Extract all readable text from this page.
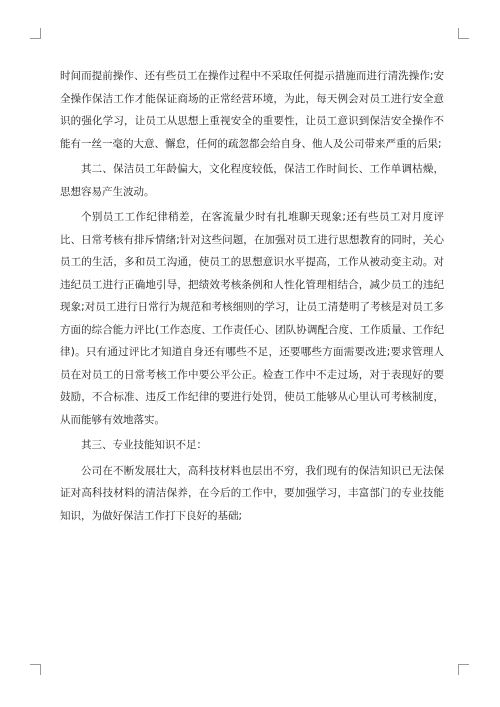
时间而提前操作、还有些员工在操作过程中不采取任何提示措施而进行清洗操作;安全操作保洁工作才能保证商场的正常经营环境，为此，每天例会对员工进行安全意识的强化学习，让员工从思想上重视安全的重要性，让员工意识到保洁安全操作不能有一丝一毫的大意、懈怠，任何的疏忽都会给自身、他人及公司带来严重的后果;

其二、保洁员工年龄偏大，文化程度较低，保洁工作时间长、工作单调枯燥，思想容易产生波动。

个别员工工作纪律稍差，在客流量少时有扎堆聊天现象;还有些员工对月度评比、日常考核有排斥情绪;针对这些问题，在加强对员工进行思想教育的同时，关心员工的生活，多和员工沟通，使员工的思想意识水平提高，工作从被动变主动。对违纪员工进行正确地引导，把绩效考核条例和人性化管理相结合，减少员工的违纪现象;对员工进行日常行为规范和考核细则的学习，让员工清楚明了考核是对员工多方面的综合能力评比(工作态度、工作责任心、团队协调配合度、工作质量、工作纪律)。只有通过评比才知道自身还有哪些不足，还要哪些方面需要改进;要求管理人员在对员工的日常考核工作中要公平公正。检查工作中不走过场，对于表现好的要鼓励，不合标准、违反工作纪律的要进行处罚，使员工能够从心里认可考核制度，从而能够有效地落实。

其三、专业技能知识不足：

公司在不断发展壮大，高科技材料也层出不穷，我们现有的保洁知识已无法保证对高科技材料的清洁保养，在今后的工作中，要加强学习，丰富部门的专业技能知识，为做好保洁工作打下良好的基础;
